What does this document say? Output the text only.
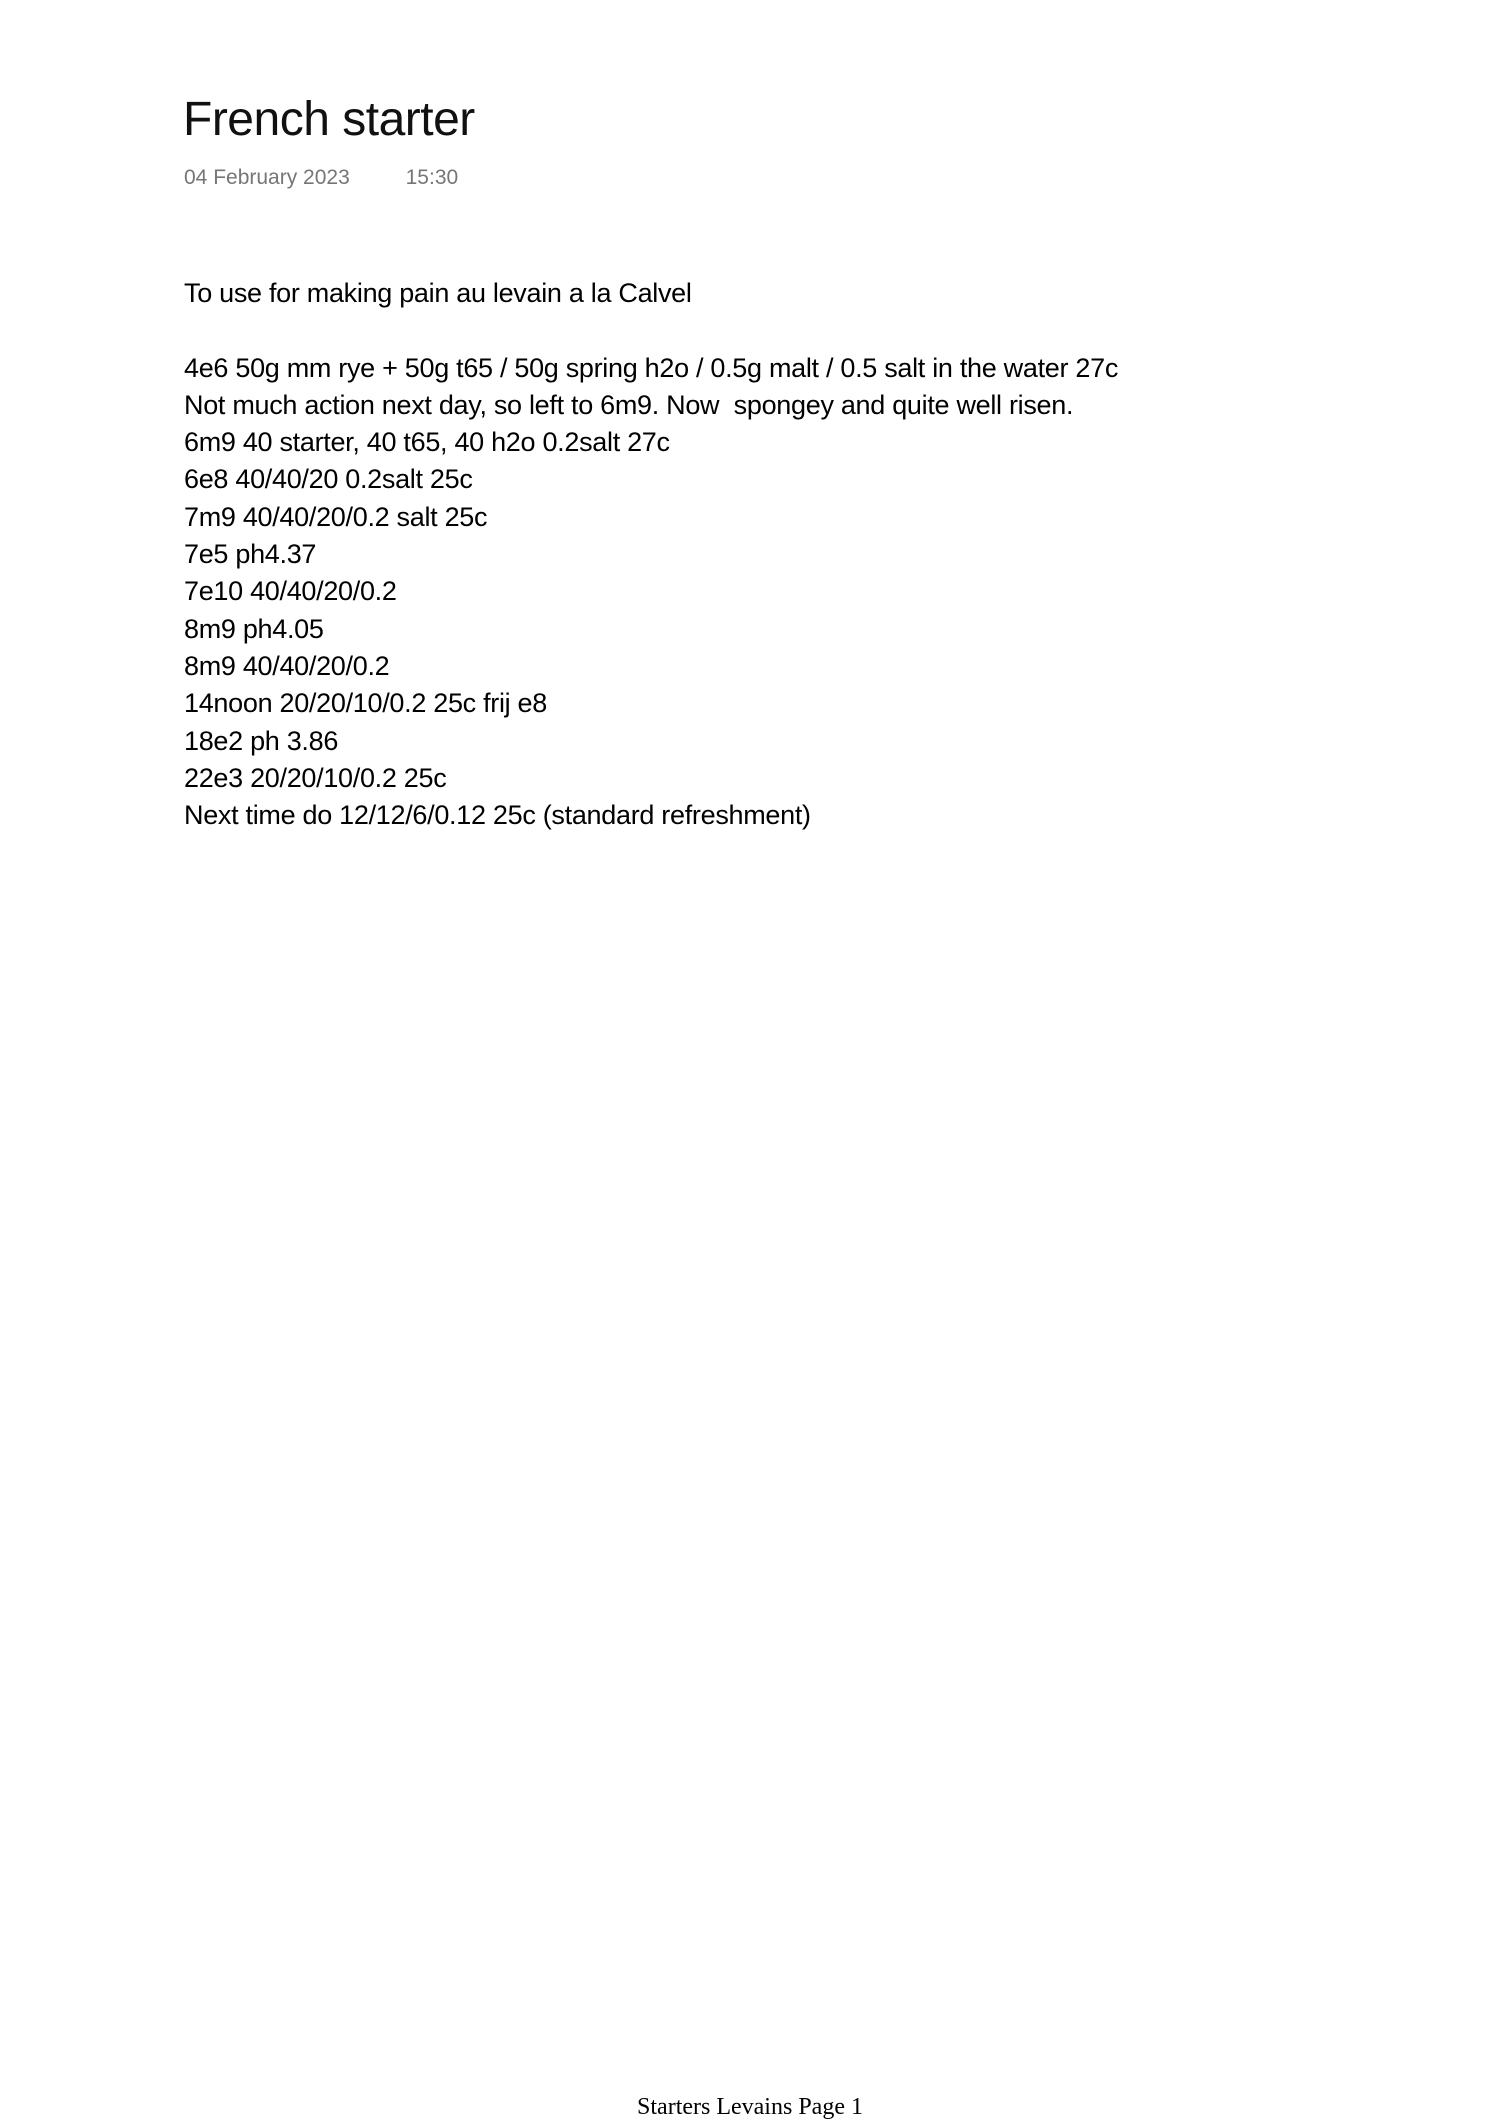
French starter
04 February 2023	15:30
To use for making pain au levain a la Calvel
4e6 50g mm rye + 50g t65 / 50g spring h2o / 0.5g malt / 0.5 salt in the water 27c
Not much action next day, so left to 6m9. Now  spongey and quite well risen.
6m9 40 starter, 40 t65, 40 h2o 0.2salt 27c
6e8 40/40/20 0.2salt 25c
7m9 40/40/20/0.2 salt 25c
7e5 ph4.37
7e10 40/40/20/0.2
8m9 ph4.05
8m9 40/40/20/0.2
14noon 20/20/10/0.2 25c frij e8
18e2 ph 3.86
22e3 20/20/10/0.2 25c
Next time do 12/12/6/0.12 25c (standard refreshment)
Starters Levains Page 1
